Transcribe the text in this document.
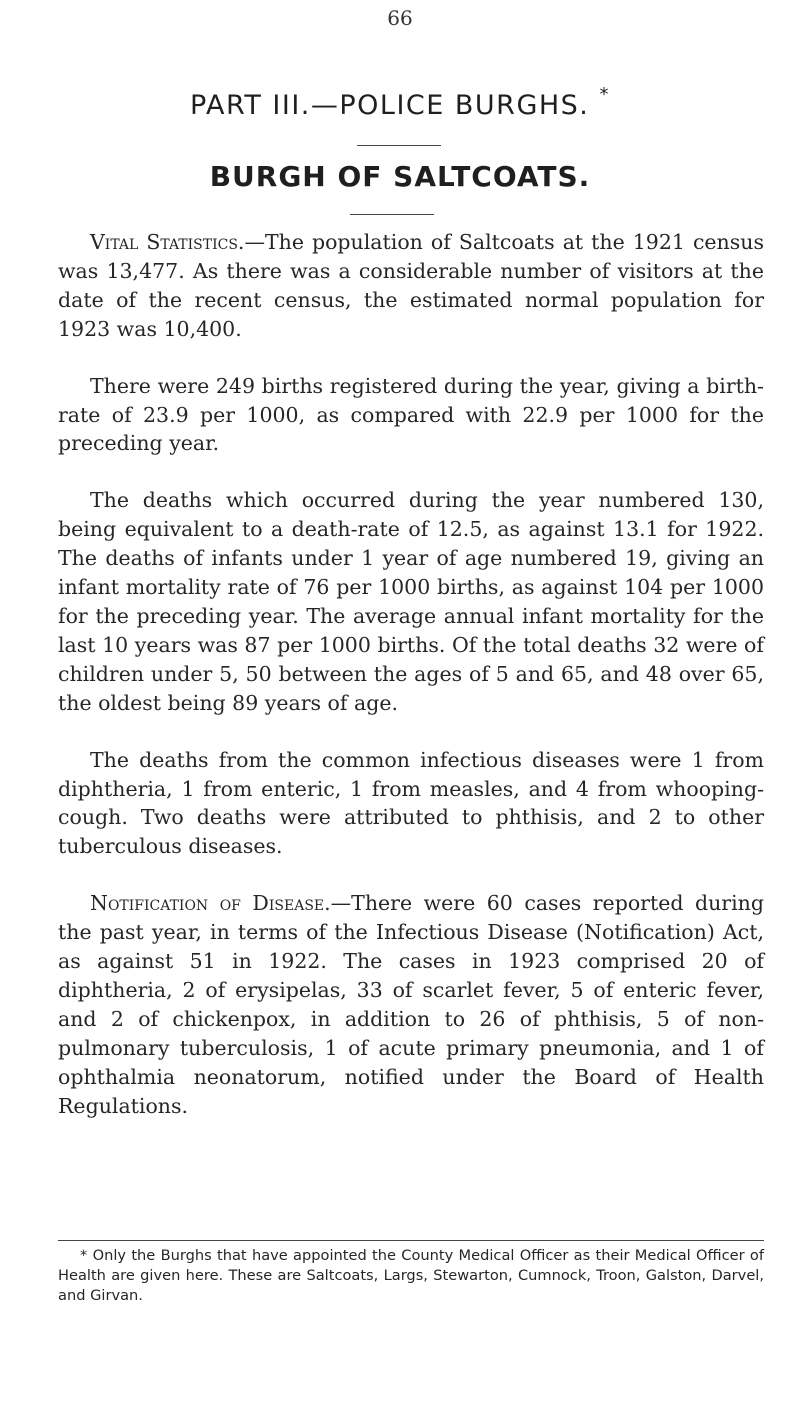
66
PART III.—POLICE BURGHS. *
BURGH OF SALTCOATS.

Vital Statistics.—The population of Saltcoats at the 1921 census was 13,477. As there was a considerable number of visitors at the date of the recent census, the estimated normal population for 1923 was 10,400.

There were 249 births registered during the year, giving a birth-rate of 23.9 per 1000, as compared with 22.9 per 1000 for the preceding year.

The deaths which occurred during the year numbered 130, being equivalent to a death-rate of 12.5, as against 13.1 for 1922. The deaths of infants under 1 year of age numbered 19, giving an infant mortality rate of 76 per 1000 births, as against 104 per 1000 for the preceding year. The average annual infant mortality for the last 10 years was 87 per 1000 births. Of the total deaths 32 were of children under 5, 50 between the ages of 5 and 65, and 48 over 65, the oldest being 89 years of age.

The deaths from the common infectious diseases were 1 from diphtheria, 1 from enteric, 1 from measles, and 4 from whooping-cough. Two deaths were attributed to phthisis, and 2 to other tuberculous diseases.

Notification of Disease.—There were 60 cases reported during the past year, in terms of the Infectious Disease (Notification) Act, as against 51 in 1922. The cases in 1923 comprised 20 of diphtheria, 2 of erysipelas, 33 of scarlet fever, 5 of enteric fever, and 2 of chickenpox, in addition to 26 of phthisis, 5 of non-pulmonary tuberculosis, 1 of acute primary pneumonia, and 1 of ophthalmia neonatorum, notified under the Board of Health Regulations.

* Only the Burghs that have appointed the County Medical Officer as their Medical Officer of Health are given here. These are Saltcoats, Largs, Stewarton, Cumnock, Troon, Galston, Darvel, and Girvan.
